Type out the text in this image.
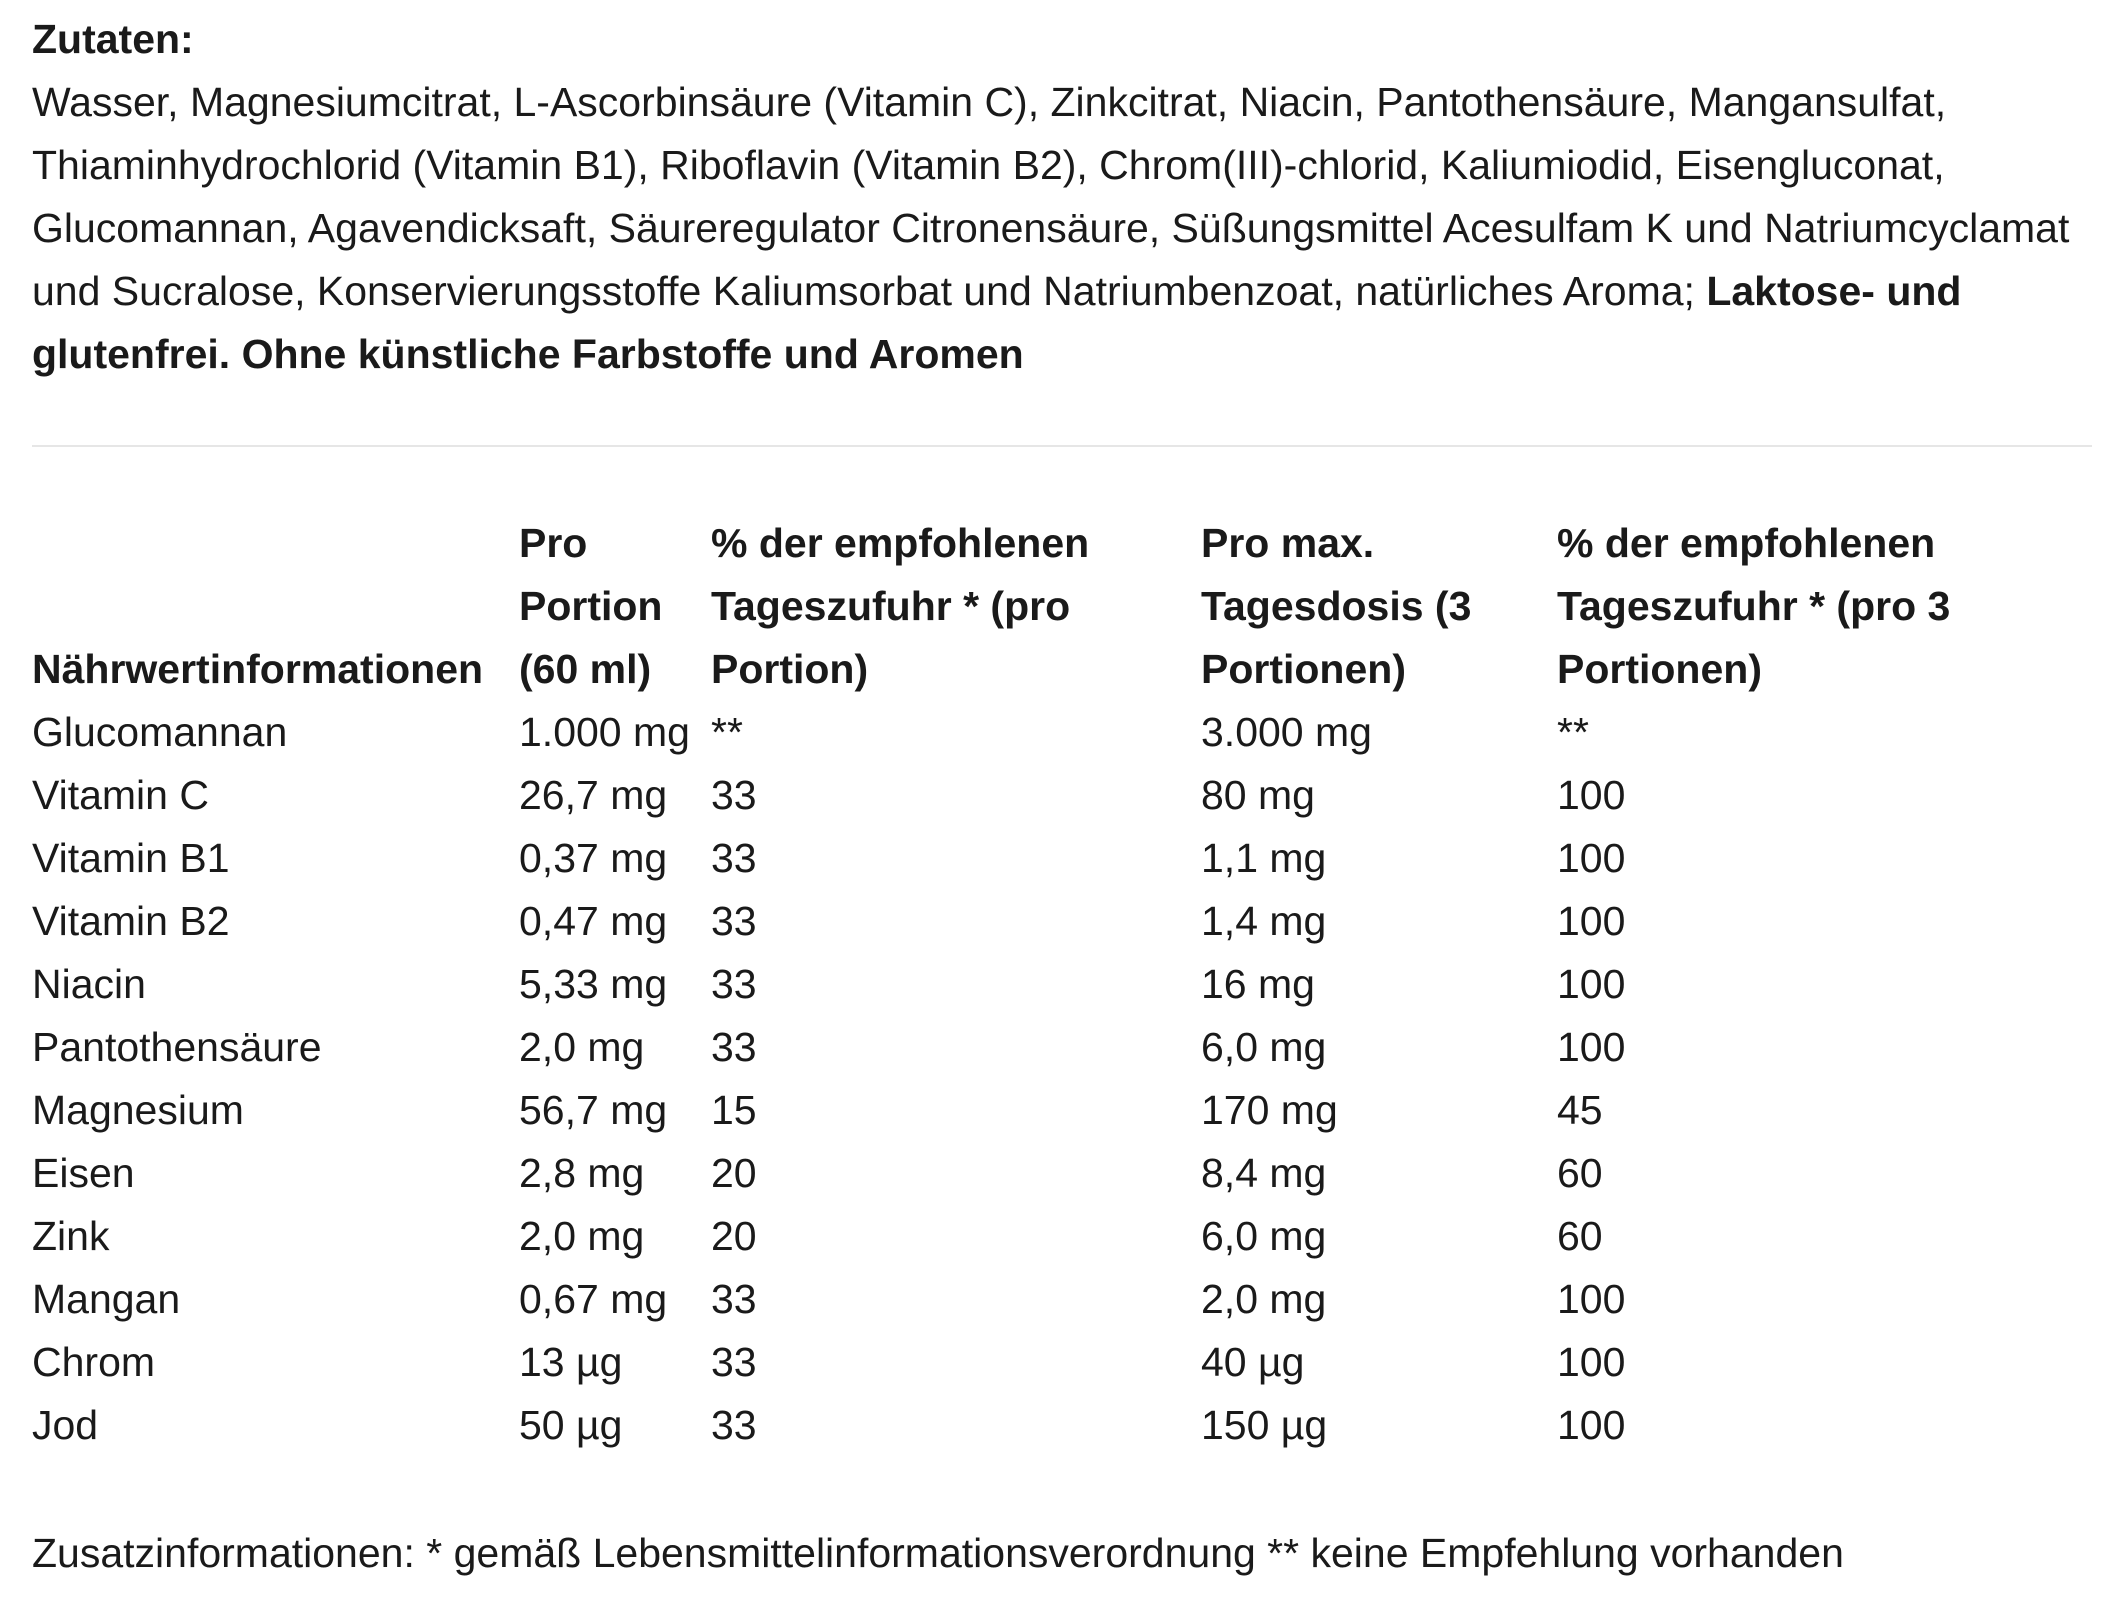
Zutaten:
Wasser, Magnesiumcitrat, L-Ascorbinsäure (Vitamin C), Zinkcitrat, Niacin, Pantothensäure, Mangansulfat, Thiaminhydrochlorid (Vitamin B1), Riboflavin (Vitamin B2), Chrom(III)-chlorid, Kaliumiodid, Eisengluconat, Glucomannan, Agavendicksaft, Säureregulator Citronensäure, Süßungsmittel Acesulfam K und Natriumcyclamat und Sucralose, Konservierungsstoffe Kaliumsorbat und Natriumbenzoat, natürliches Aroma; Laktose- und glutenfrei. Ohne künstliche Farbstoffe und Aromen
Nährwertinformationen	Pro Portion (60 ml)	% der empfohlenen Tageszufuhr * (pro Portion)	Pro max. Tagesdosis (3 Portionen)	% der empfohlenen Tageszufuhr * (pro 3 Portionen)
Glucomannan	1.000 mg	**	3.000 mg	**
Vitamin C	26,7 mg	33	80 mg	100
Vitamin B1	0,37 mg	33	1,1 mg	100
Vitamin B2	0,47 mg	33	1,4 mg	100
Niacin	5,33 mg	33	16 mg	100
Pantothensäure	2,0 mg	33	6,0 mg	100
Magnesium	56,7 mg	15	170 mg	45
Eisen	2,8 mg	20	8,4 mg	60
Zink	2,0 mg	20	6,0 mg	60
Mangan	0,67 mg	33	2,0 mg	100
Chrom	13 µg	33	40 µg	100
Jod	50 µg	33	150 µg	100
Zusatzinformationen: * gemäß Lebensmittelinformationsverordnung ** keine Empfehlung vorhanden
